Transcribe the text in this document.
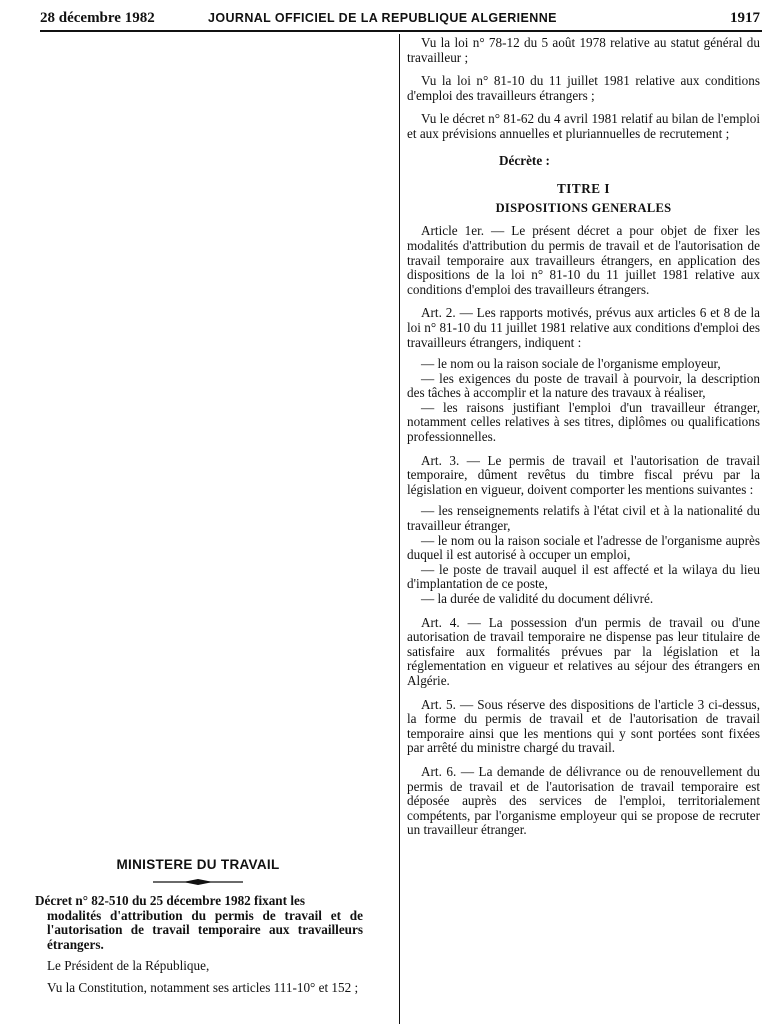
28 décembre 1982	JOURNAL OFFICIEL DE LA REPUBLIQUE ALGERIENNE	1917
MINISTERE DU TRAVAIL

Décret n° 82-510 du 25 décembre 1982 fixant les

modalités d'attribution du permis de travail et de l'autorisation de travail temporaire aux travailleurs étrangers.

Le Président de la République,

Vu la Constitution, notamment ses articles 111-10° et 152 ;

Vu la loi n° 78-12 du 5 août 1978 relative au statut général du travailleur ;

Vu la loi n° 81-10 du 11 juillet 1981 relative aux conditions d'emploi des travailleurs étrangers ;

Vu le décret n° 81-62 du 4 avril 1981 relatif au bilan de l'emploi et aux prévisions annuelles et pluriannuelles de recrutement ;

Décrète :

TITRE I

DISPOSITIONS GENERALES

Article 1er. — Le présent décret a pour objet de fixer les modalités d'attribution du permis de travail et de l'autorisation de travail temporaire aux travailleurs étrangers, en application des dispositions de la loi n° 81-10 du 11 juillet 1981 relative aux conditions d'emploi des travailleurs étrangers.

Art. 2. — Les rapports motivés, prévus aux articles 6 et 8 de la loi n° 81-10 du 11 juillet 1981 relative aux conditions d'emploi des travailleurs étrangers, indiquent :

— le nom ou la raison sociale de l'organisme employeur,

— les exigences du poste de travail à pourvoir, la description des tâches à accomplir et la nature des travaux à réaliser,

— les raisons justifiant l'emploi d'un travailleur étranger, notamment celles relatives à ses titres, diplômes ou qualifications professionnelles.

Art. 3. — Le permis de travail et l'autorisation de travail temporaire, dûment revêtus du timbre fiscal prévu par la législation en vigueur, doivent comporter les mentions suivantes :

— les renseignements relatifs à l'état civil et à la nationalité du travailleur étranger,

— le nom ou la raison sociale et l'adresse de l'organisme auprès duquel il est autorisé à occuper un emploi,

— le poste de travail auquel il est affecté et la wilaya du lieu d'implantation de ce poste,

— la durée de validité du document délivré.

Art. 4. — La possession d'un permis de travail ou d'une autorisation de travail temporaire ne dispense pas leur titulaire de satisfaire aux formalités prévues par la législation et la réglementation en vigueur et relatives au séjour des étrangers en Algérie.

Art. 5. — Sous réserve des dispositions de l'article 3 ci-dessus, la forme du permis de travail et de l'autorisation de travail temporaire ainsi que les mentions qui y sont portées sont fixées par arrêté du ministre chargé du travail.

Art. 6. — La demande de délivrance ou de renouvellement du permis de travail et de l'autorisation de travail temporaire est déposée auprès des services de l'emploi, territorialement compétents, par l'organisme employeur qui se propose de recruter un travailleur étranger.
